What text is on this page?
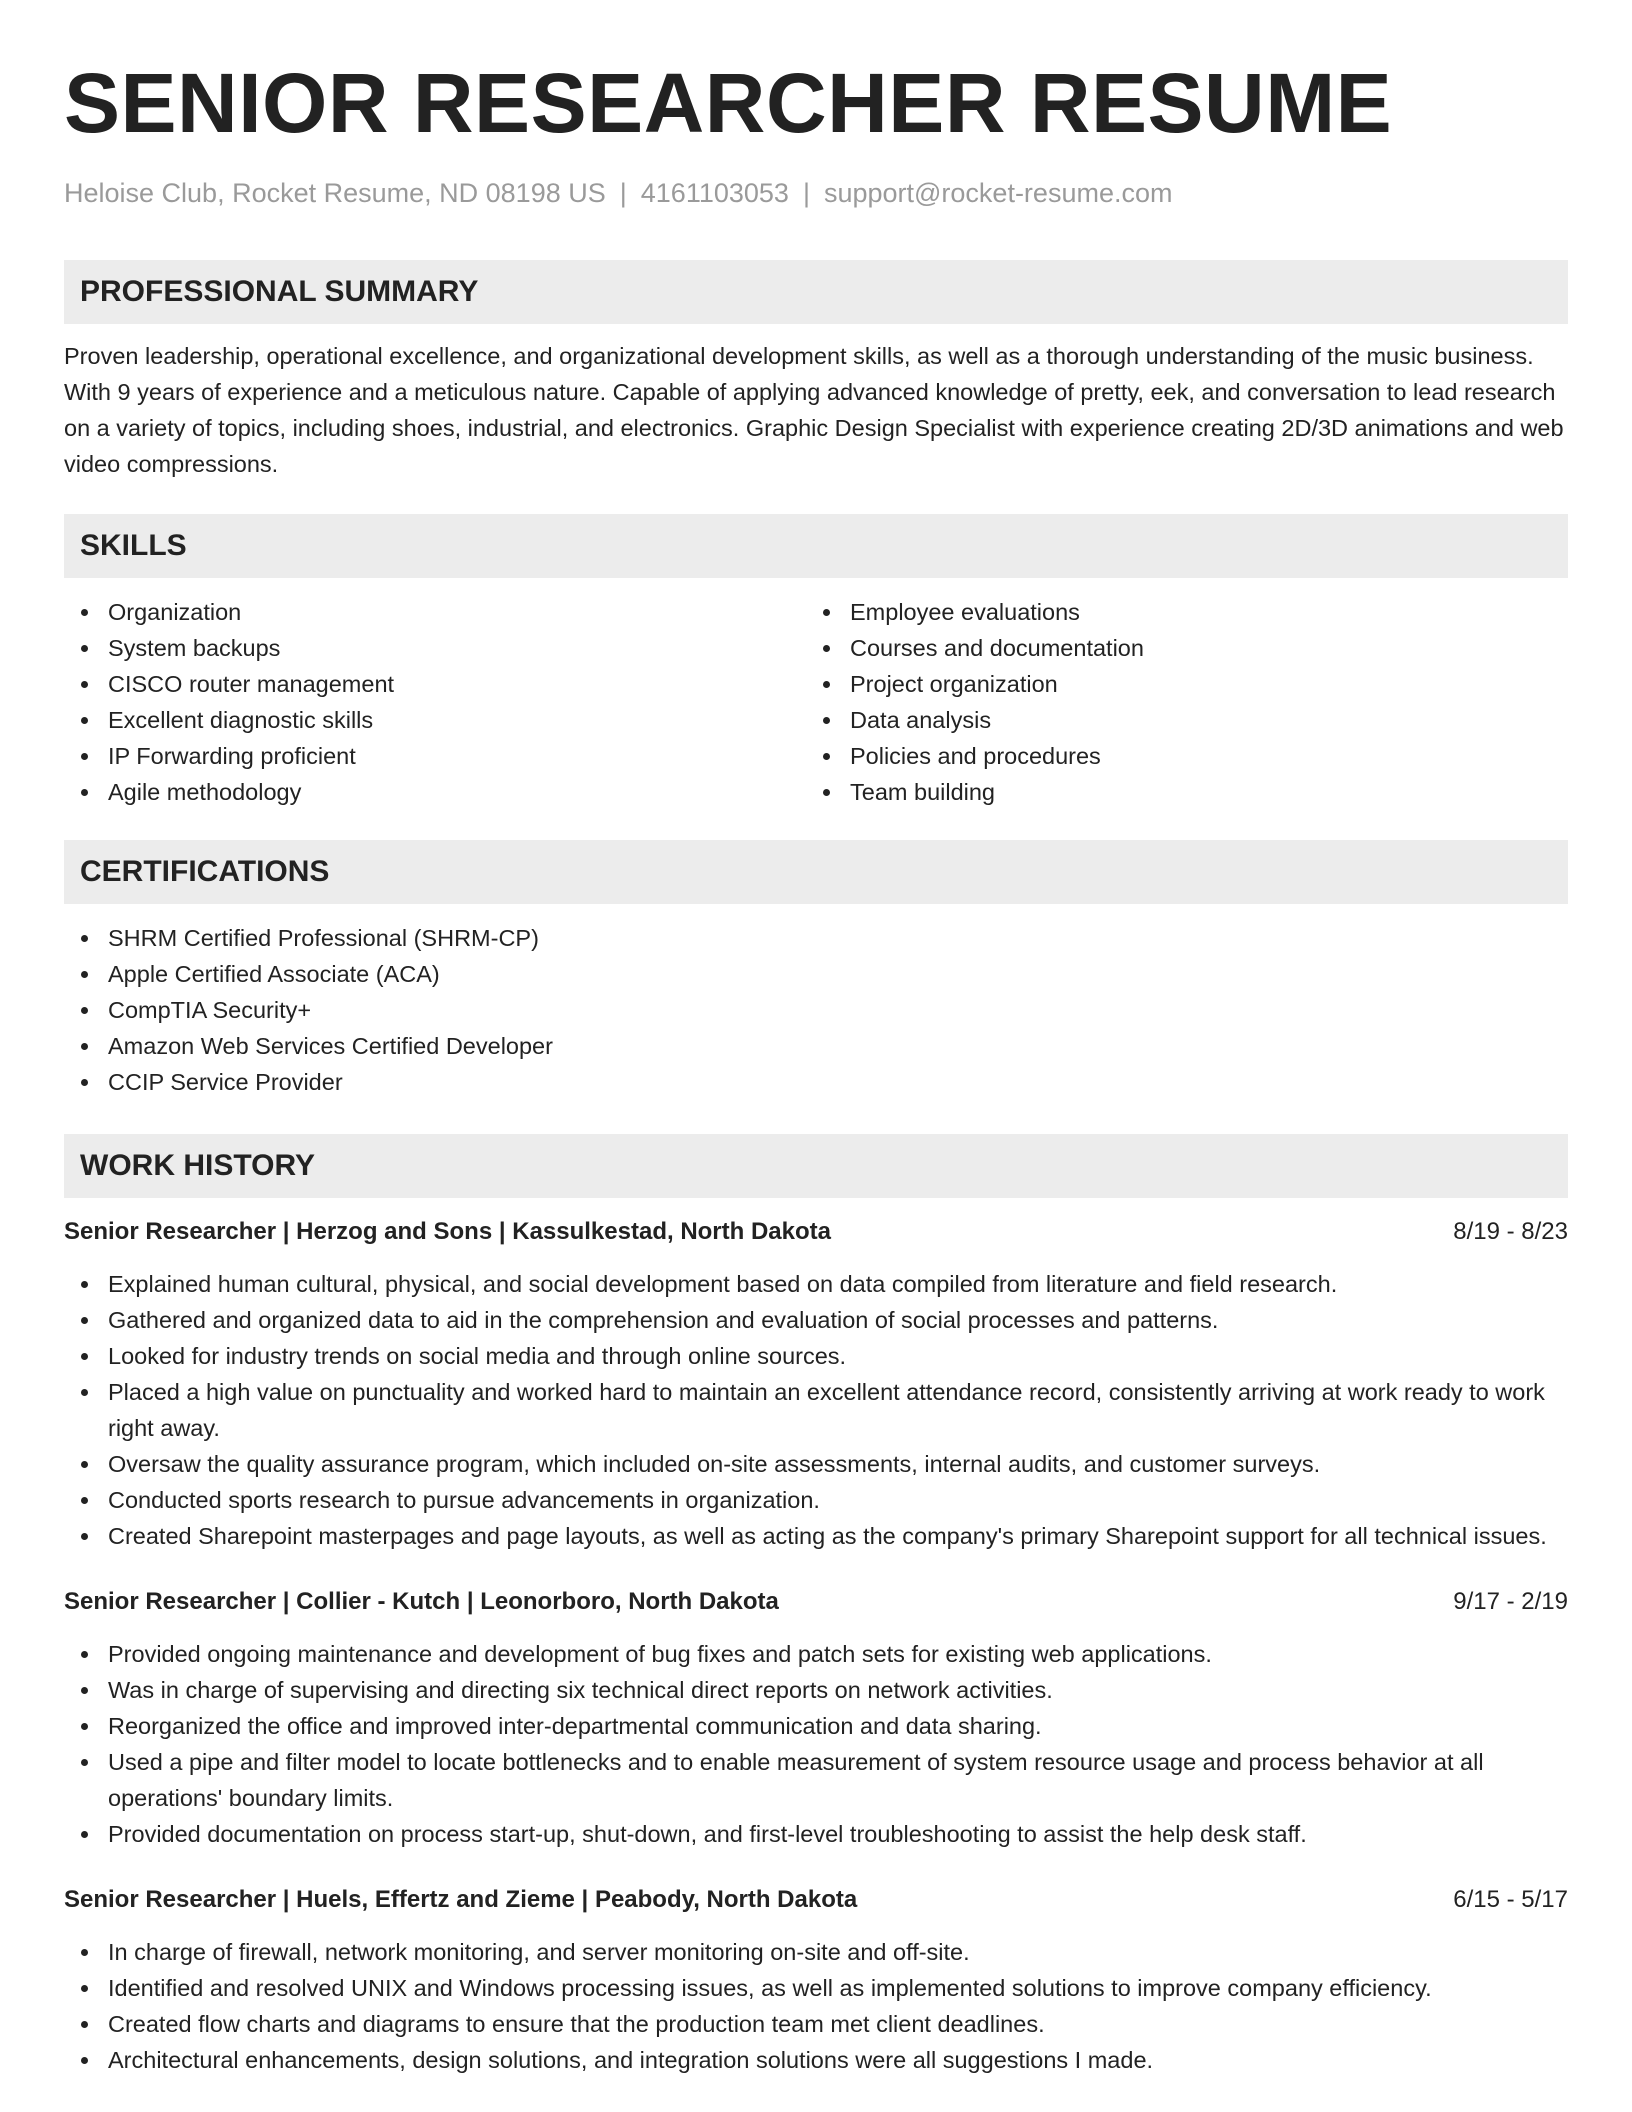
SENIOR RESEARCHER RESUME
Heloise Club, Rocket Resume, ND 08198 US | 4161103053 | support@rocket-resume.com
PROFESSIONAL SUMMARY

Proven leadership, operational excellence, and organizational development skills, as well as a thorough understanding of the music business. With 9 years of experience and a meticulous nature. Capable of applying advanced knowledge of pretty, eek, and conversation to lead research on a variety of topics, including shoes, industrial, and electronics. Graphic Design Specialist with experience creating 2D/3D animations and web video compressions.

SKILLS
Organization
System backups
CISCO router management
Excellent diagnostic skills
IP Forwarding proficient
Agile methodology
Employee evaluations
Courses and documentation
Project organization
Data analysis
Policies and procedures
Team building
CERTIFICATIONS
SHRM Certified Professional (SHRM-CP)
Apple Certified Associate (ACA)
CompTIA Security+
Amazon Web Services Certified Developer
CCIP Service Provider
WORK HISTORY
Senior Researcher | Herzog and Sons | Kassulkestad, North Dakota	8/19 - 8/23
Explained human cultural, physical, and social development based on data compiled from literature and field research.
Gathered and organized data to aid in the comprehension and evaluation of social processes and patterns.
Looked for industry trends on social media and through online sources.
Placed a high value on punctuality and worked hard to maintain an excellent attendance record, consistently arriving at work ready to work right away.
Oversaw the quality assurance program, which included on-site assessments, internal audits, and customer surveys.
Conducted sports research to pursue advancements in organization.
Created Sharepoint masterpages and page layouts, as well as acting as the company's primary Sharepoint support for all technical issues.
Senior Researcher | Collier - Kutch | Leonorboro, North Dakota	9/17 - 2/19
Provided ongoing maintenance and development of bug fixes and patch sets for existing web applications.
Was in charge of supervising and directing six technical direct reports on network activities.
Reorganized the office and improved inter-departmental communication and data sharing.
Used a pipe and filter model to locate bottlenecks and to enable measurement of system resource usage and process behavior at all operations' boundary limits.
Provided documentation on process start-up, shut-down, and first-level troubleshooting to assist the help desk staff.
Senior Researcher | Huels, Effertz and Zieme | Peabody, North Dakota	6/15 - 5/17
In charge of firewall, network monitoring, and server monitoring on-site and off-site.
Identified and resolved UNIX and Windows processing issues, as well as implemented solutions to improve company efficiency.
Created flow charts and diagrams to ensure that the production team met client deadlines.
Architectural enhancements, design solutions, and integration solutions were all suggestions I made.
